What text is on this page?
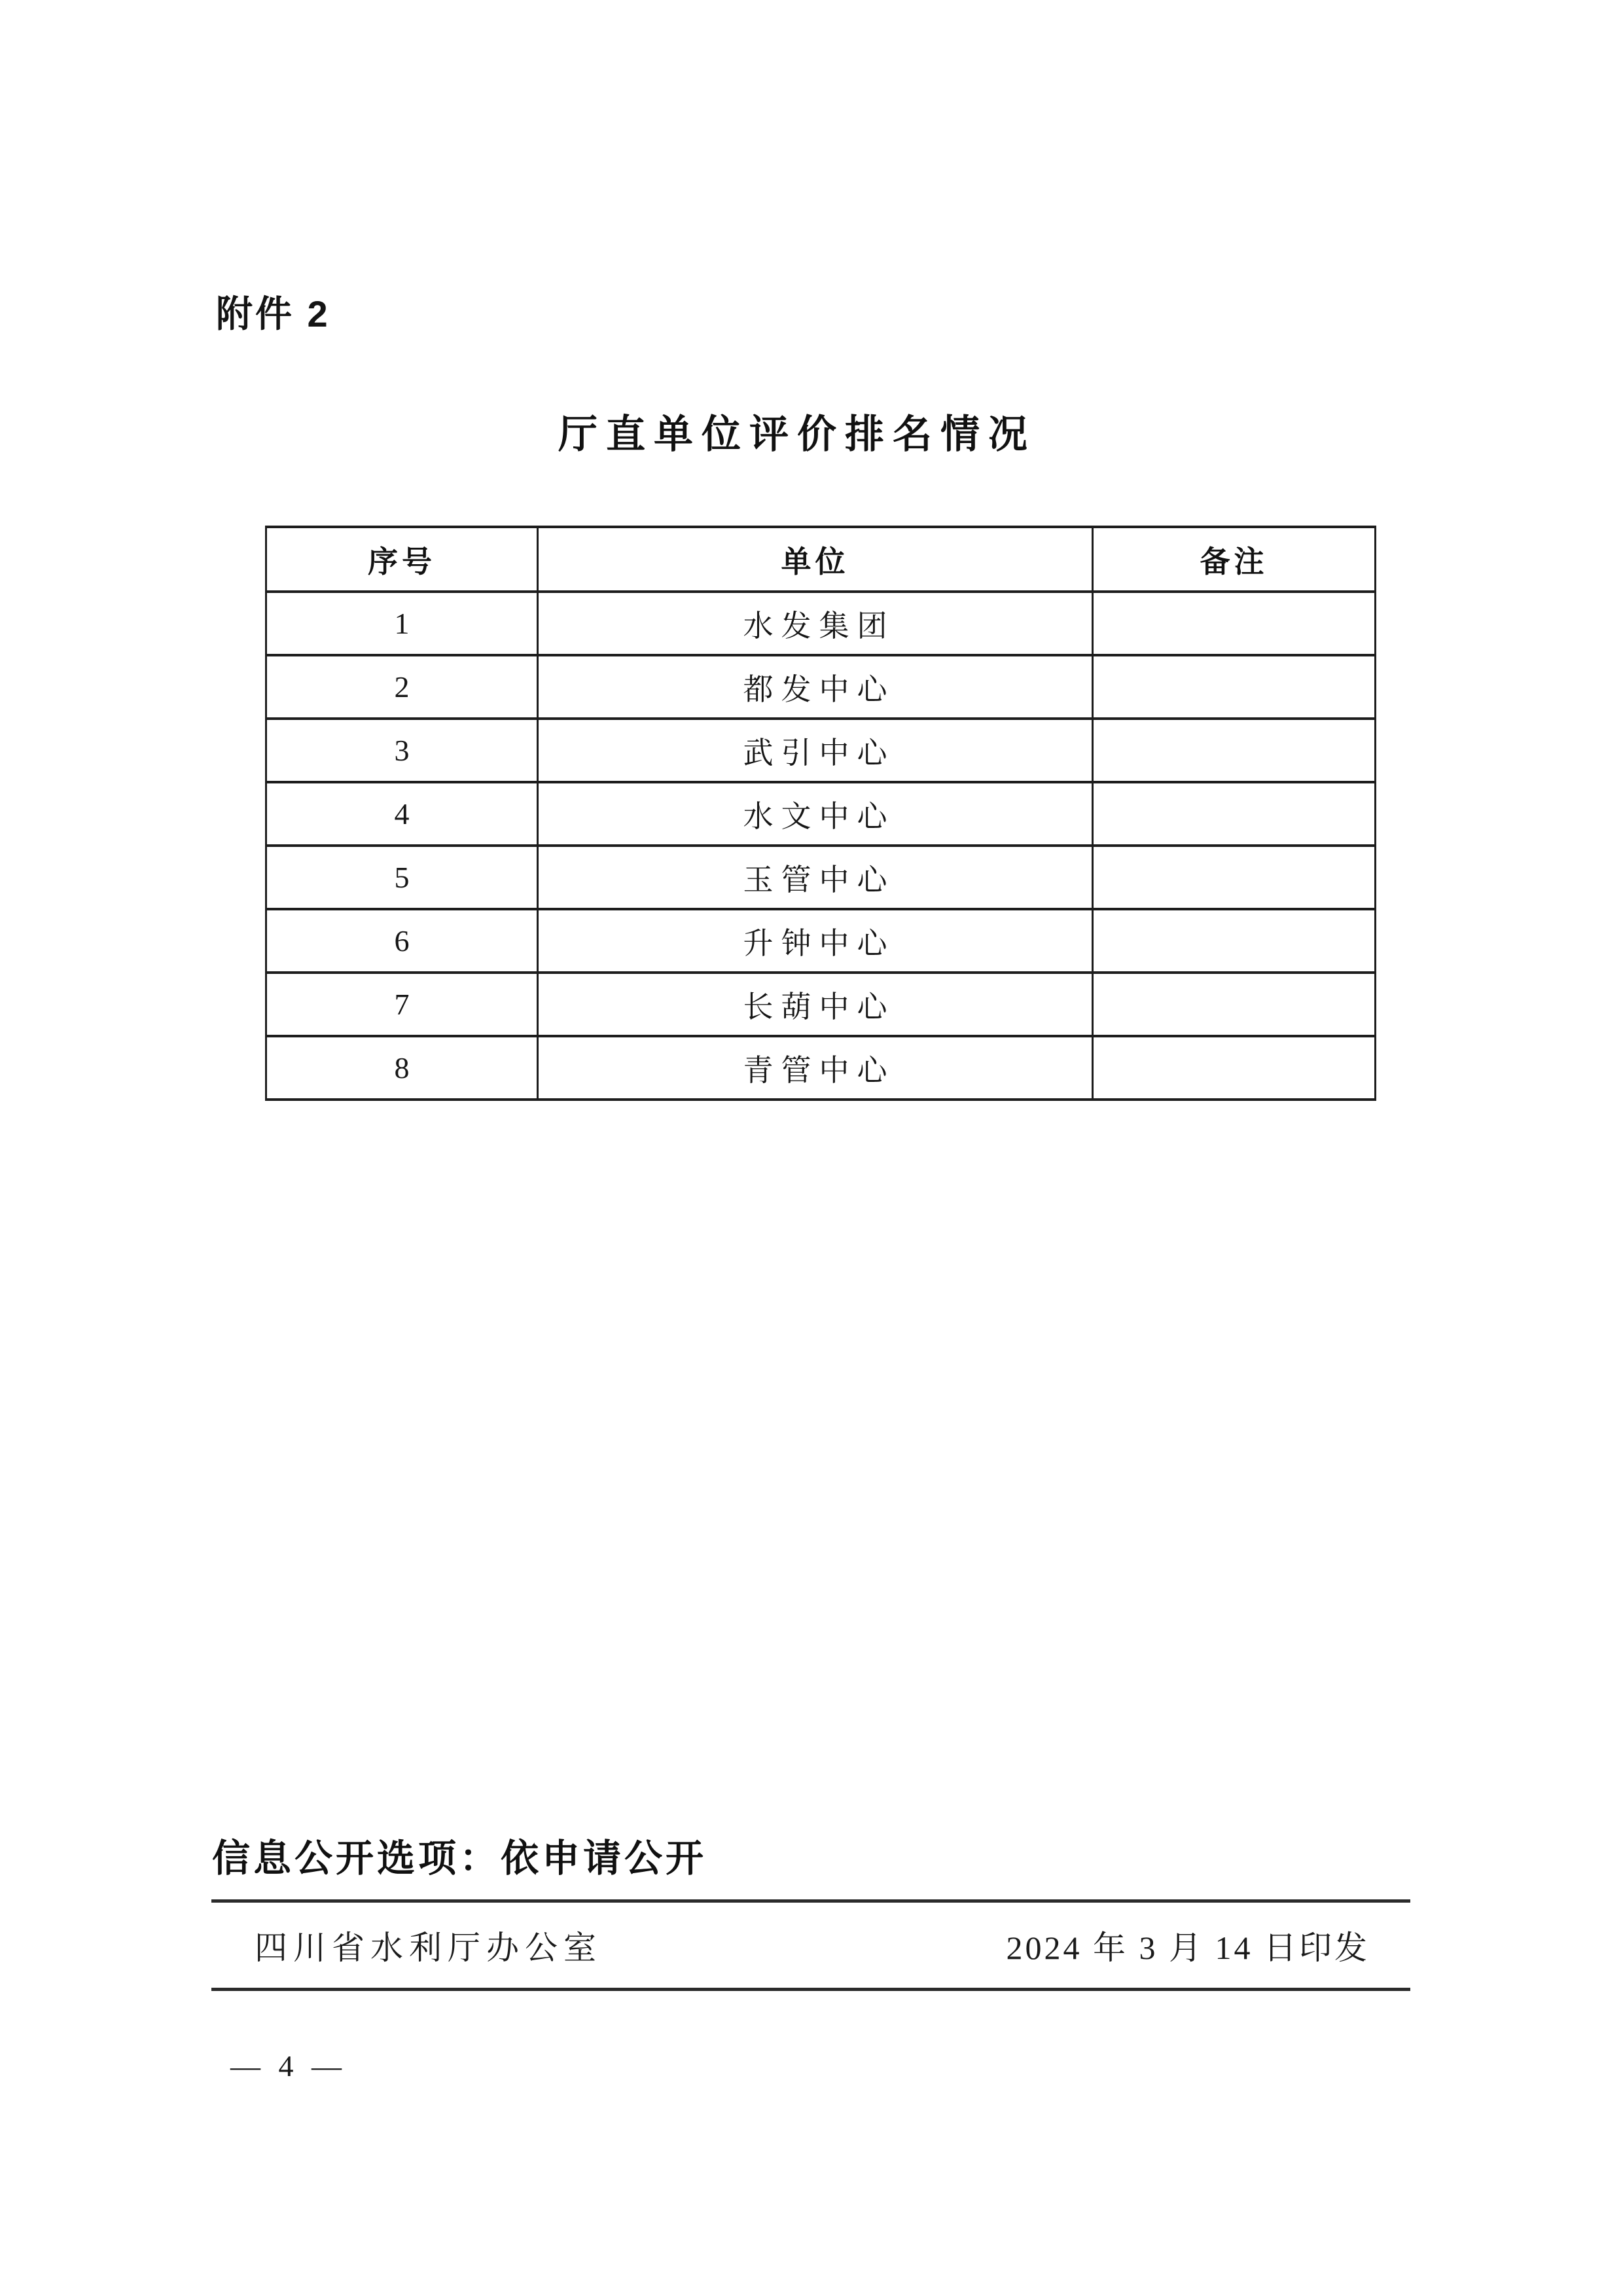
附件 2
厅直单位评价排名情况
序号	单位	备注
1	水发集团	
2	都发中心	
3	武引中心	
4	水文中心	
5	玉管中心	
6	升钟中心	
7	长葫中心	
8	青管中心	
信息公开选项：依申请公开
四川省水利厅办公室	2024 年 3 月 14 日印发
— 4 —
